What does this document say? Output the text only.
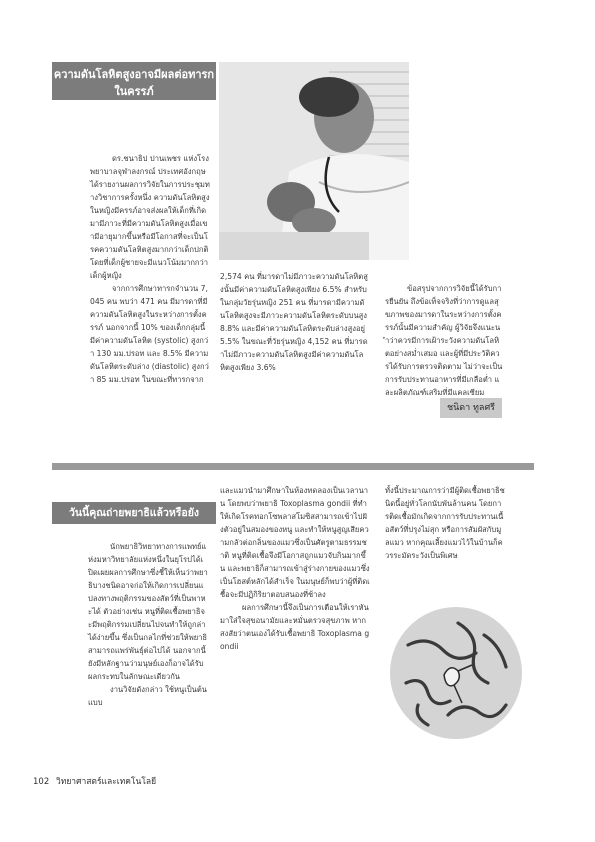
ความดันโลหิตสูงอาจมีผลต่อทารกในครรภ์

ดร.ชนาธิป ปานเพชร แห่งโรงพยาบาลจุฬาลงกรณ์ ประเทศอังกฤษ ได้รายงานผลการวิจัยในการประชุมทางวิชาการครั้งหนึ่ง ความดันโลหิตสูงในหญิงมีครรภ์อาจส่งผลให้เด็กที่เกิดมามีภาวะที่มีความดันโลหิตสูงเมื่อเขามีอายุมากขึ้นหรือมีโอกาสที่จะเป็นโรคความดันโลหิตสูงมากกว่าเด็กปกติ โดยที่เด็กผู้ชายจะมีแนวโน้มมากกว่าเด็กผู้หญิง

จากการศึกษาทารกจำนวน 7,045 คน พบว่า 471 คน มีมารดาที่มีความดันโลหิตสูงในระหว่างการตั้งครรภ์ นอกจากนี้ 10% ของเด็กกลุ่มนี้มีค่าความดันโลหิต (systolic) สูงกว่า 130 มม.ปรอท และ 8.5% มีความดันโลหิตระดับล่าง (diastolic) สูงกว่า 85 มม.ปรอท ในขณะที่ทารกจาก

2,574 คน ที่มารดาไม่มีภาวะความดันโลหิตสูงนั้นมีค่าความดันโลหิตสูงเพียง 6.5% สำหรับในกลุ่มวัยรุ่นหญิง 251 คน ที่มารดามีความดันโลหิตสูงจะมีภาวะความดันโลหิตระดับบนสูง 8.8% และมีค่าความดันโลหิตระดับล่างสูงอยู่ 5.5% ในขณะที่วัยรุ่นหญิง 4,152 คน ที่มารดาไม่มีภาวะความดันโลหิตสูงมีค่าความดันโลหิตสูงเพียง 3.6%

ข้อสรุปจากการวิจัยนี้ได้รับการยืนยัน ถึงข้อเท็จจริงที่ว่าการดูแลสุขภาพของมารดาในระหว่างการตั้งครรภ์นั้นมีความสำคัญ ผู้วิจัยจึงแนะนำว่าควรมีการเฝ้าระวังความดันโลหิตอย่างสม่ำเสมอ และผู้ที่มีประวัติควรได้รับการตรวจติดตาม ไม่ว่าจะเป็นการรับประทานอาหารที่มีเกลือต่ำ และผลิตภัณฑ์เสริมที่มีแคลเซียม

ชนิดา ทูลศรี
วันนี้คุณถ่ายพยาธิแล้วหรือยัง

นักพยาธิวิทยาทางการแพทย์แห่งมหาวิทยาลัยแห่งหนึ่งในยุโรปได้เปิดเผยผลการศึกษาซึ่งชี้ให้เห็นว่าพยาธิบางชนิดอาจก่อให้เกิดการเปลี่ยนแปลงทางพฤติกรรมของสัตว์ที่เป็นพาหะได้ ตัวอย่างเช่น หนูที่ติดเชื้อพยาธิจะมีพฤติกรรมเปลี่ยนไปจนทำให้ถูกล่าได้ง่ายขึ้น ซึ่งเป็นกลไกที่ช่วยให้พยาธิสามารถแพร่พันธุ์ต่อไปได้ นอกจากนี้ยังมีหลักฐานว่ามนุษย์เองก็อาจได้รับผลกระทบในลักษณะเดียวกัน

งานวิจัยดังกล่าว ใช้หนูเป็นต้นแบบ

และแมวนำมาศึกษาในห้องทดลองเป็นเวลานาน โดยพบว่าพยาธิ Toxoplasma gondii ที่ทำให้เกิดโรคทอกโซพลาสโมซิสสามารถเข้าไปฝังตัวอยู่ในสมองของหนู และทำให้หนูสูญเสียความกลัวต่อกลิ่นของแมวซึ่งเป็นศัตรูตามธรรมชาติ หนูที่ติดเชื้อจึงมีโอกาสถูกแมวจับกินมากขึ้น และพยาธิก็สามารถเข้าสู่ร่างกายของแมวซึ่งเป็นโฮสต์หลักได้สำเร็จ ในมนุษย์ก็พบว่าผู้ที่ติดเชื้อจะมีปฏิกิริยาตอบสนองที่ช้าลง

ผลการศึกษานี้จึงเป็นการเตือนให้เราหันมาใส่ใจสุขอนามัยและหมั่นตรวจสุขภาพ หากสงสัยว่าตนเองได้รับเชื้อพยาธิ Toxoplasma gondii

ทั้งนี้ประมาณการว่ามีผู้ติดเชื้อพยาธิชนิดนี้อยู่ทั่วโลกนับพันล้านคน โดยการติดเชื้อมักเกิดจากการรับประทานเนื้อสัตว์ที่ปรุงไม่สุก หรือการสัมผัสกับมูลแมว หากคุณเลี้ยงแมวไว้ในบ้านก็ควรระมัดระวังเป็นพิเศษ

102 วิทยาศาสตร์และเทคโนโลยี
